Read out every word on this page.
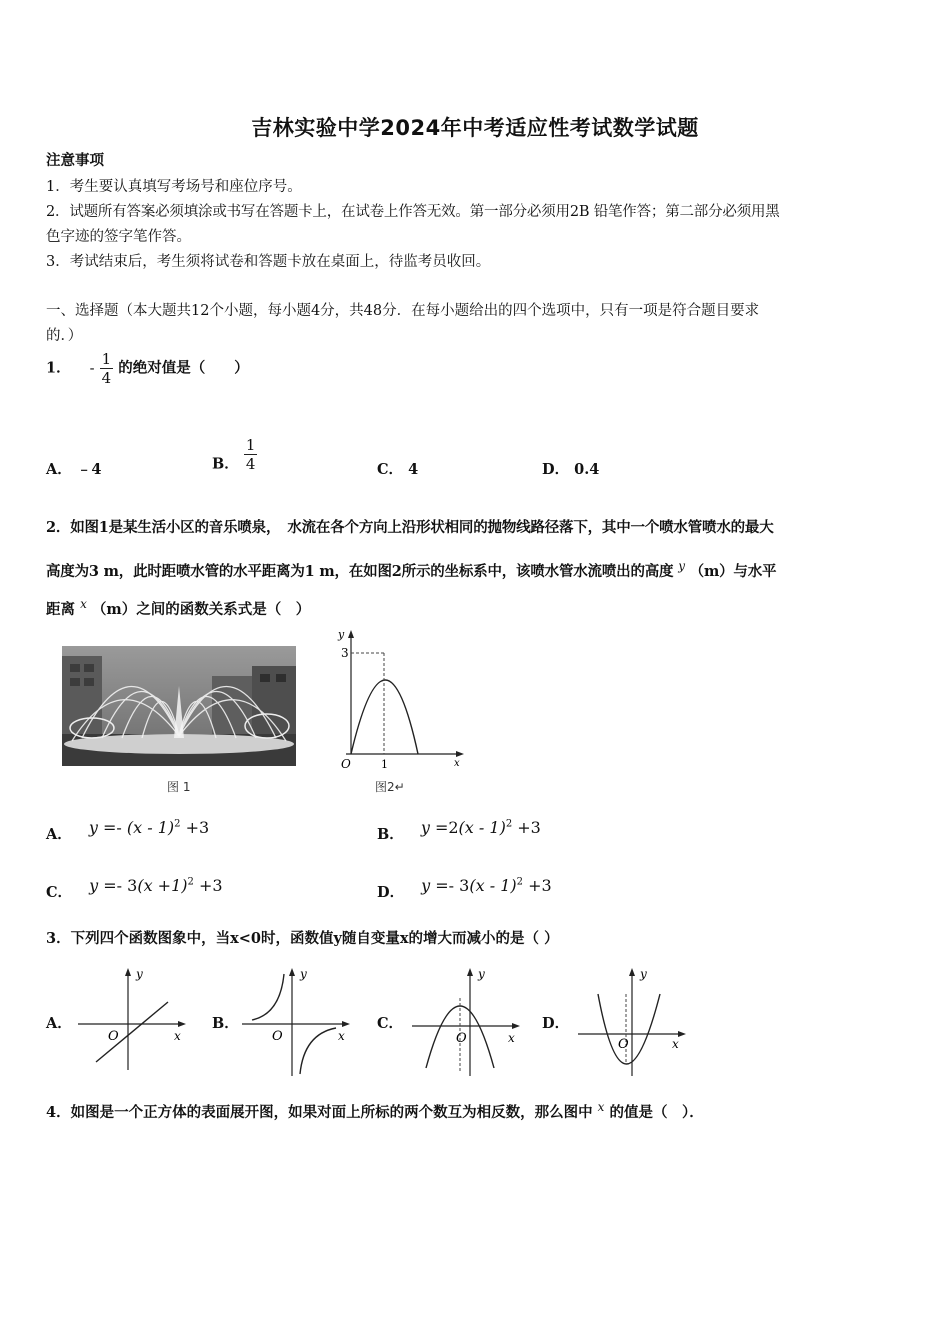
吉林实验中学2024年中考适应性考试数学试题
注意事项
1．考生要认真填写考场号和座位序号。
2．试题所有答案必须填涂或书写在答题卡上，在试卷上作答无效。第一部分必须用2B 铅笔作答；第二部分必须用黑
色字迹的签字笔作答。
3．考试结束后，考生须将试卷和答题卡放在桌面上，待监考员收回。
一、选择题（本大题共12个小题，每小题4分，共48分．在每小题给出的四个选项中，只有一项是符合题目要求
的．）
1． - $\frac{1}{4}$ 的绝对值是（　　）
A． ﹣4	B． $\frac{1}{4}$	C． 4	D． 0.4
2．如图1是某生活小区的音乐喷泉，　水流在各个方向上沿形状相同的抛物线路径落下，其中一个喷水管喷水的最大
高度为3 m，此时距喷水管的水平距离为1 m，在如图2所示的坐标系中，该喷水管水流喷出的高度 $^y$ （m）与水平
距离 $^x$ （m）之间的函数关系式是（　）
图 1
y
3
O	1	x
图2↵
A． y =- (x - 1)$^2$ +3	B． y =2(x - 1)$^2$ +3
C． $y =- 3(x +1)^2 +3$	D． y =- 3(x - 1)$^2$ +3
3．下列四个函数图象中，当x<0时，函数值y随自变量x的增大而减小的是（ ）
A．	B．	C．	D．
y
x
O
y
x
O
y
x
O
y
x
O
4．如图是一个正方体的表面展开图，如果对面上所标的两个数互为相反数，那么图中 $^x$ 的值是（　）．
